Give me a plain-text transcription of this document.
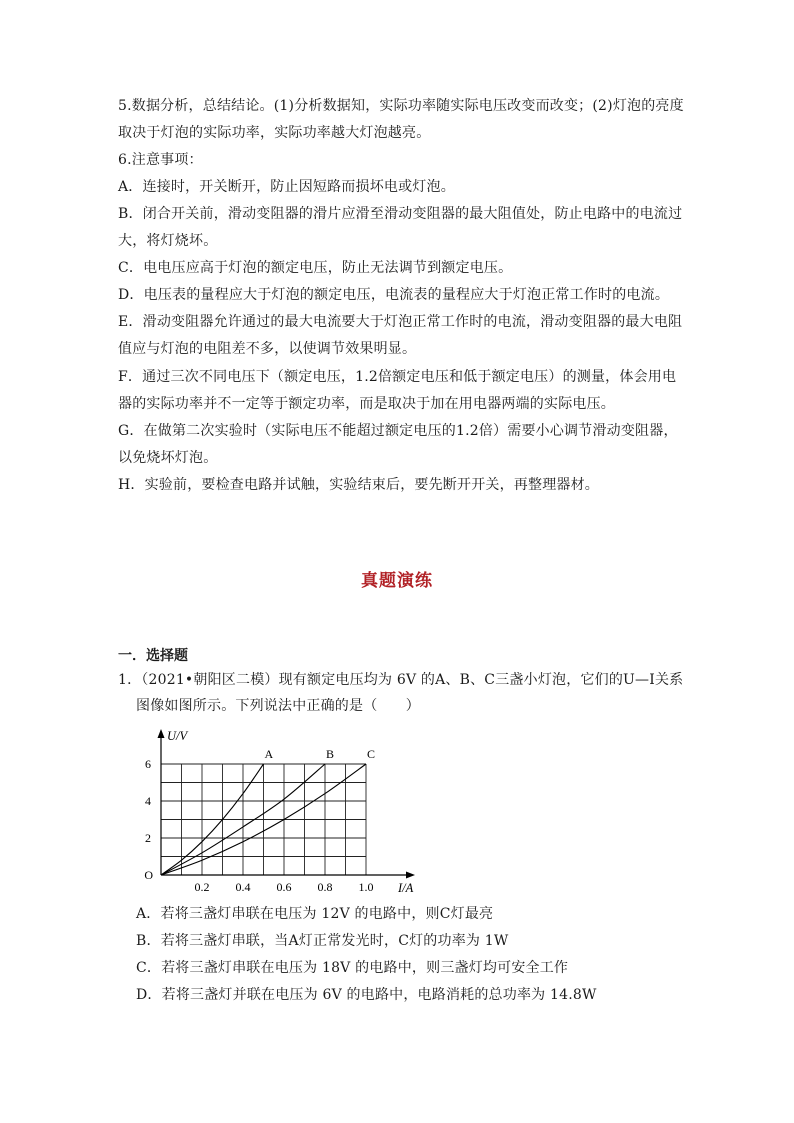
5.数据分析，总结结论。(1)分析数据知，实际功率随实际电压改变而改变；(2)灯泡的亮度
取决于灯泡的实际功率，实际功率越大灯泡越亮。
6.注意事项：
A．连接时，开关断开，防止因短路而损坏电或灯泡。
B．闭合开关前，滑动变阻器的滑片应滑至滑动变阻器的最大阻值处，防止电路中的电流过
大，将灯烧坏。
C．电电压应高于灯泡的额定电压，防止无法调节到额定电压。
D．电压表的量程应大于灯泡的额定电压，电流表的量程应大于灯泡正常工作时的电流。
E．滑动变阻器允许通过的最大电流要大于灯泡正常工作时的电流，滑动变阻器的最大电阻
值应与灯泡的电阻差不多，以使调节效果明显。
F．通过三次不同电压下（额定电压，1.2倍额定电压和低于额定电压）的测量，体会用电
器的实际功率并不一定等于额定功率，而是取决于加在用电器两端的实际电压。
G．在做第二次实验时（实际电压不能超过额定电压的1.2倍）需要小心调节滑动变阻器，
以免烧坏灯泡。
H．实验前，要检查电路并试触，实验结束后，要先断开开关，再整理器材。
真题演练
一．选择题
1．（2021•朝阳区二模）现有额定电压均为 6V 的A、B、C三盏小灯泡，它们的U—I关系
图像如图所示。下列说法中正确的是（　　）
A	B	C
0.2 0.4 0.6 0.8 1.0
2
4
6
O
U/V
I/A
A．若将三盏灯串联在电压为 12V 的电路中，则C灯最亮
B．若将三盏灯串联，当A灯正常发光时，C灯的功率为 1W
C．若将三盏灯串联在电压为 18V 的电路中，则三盏灯均可安全工作
D．若将三盏灯并联在电压为 6V 的电路中，电路消耗的总功率为 14.8W
